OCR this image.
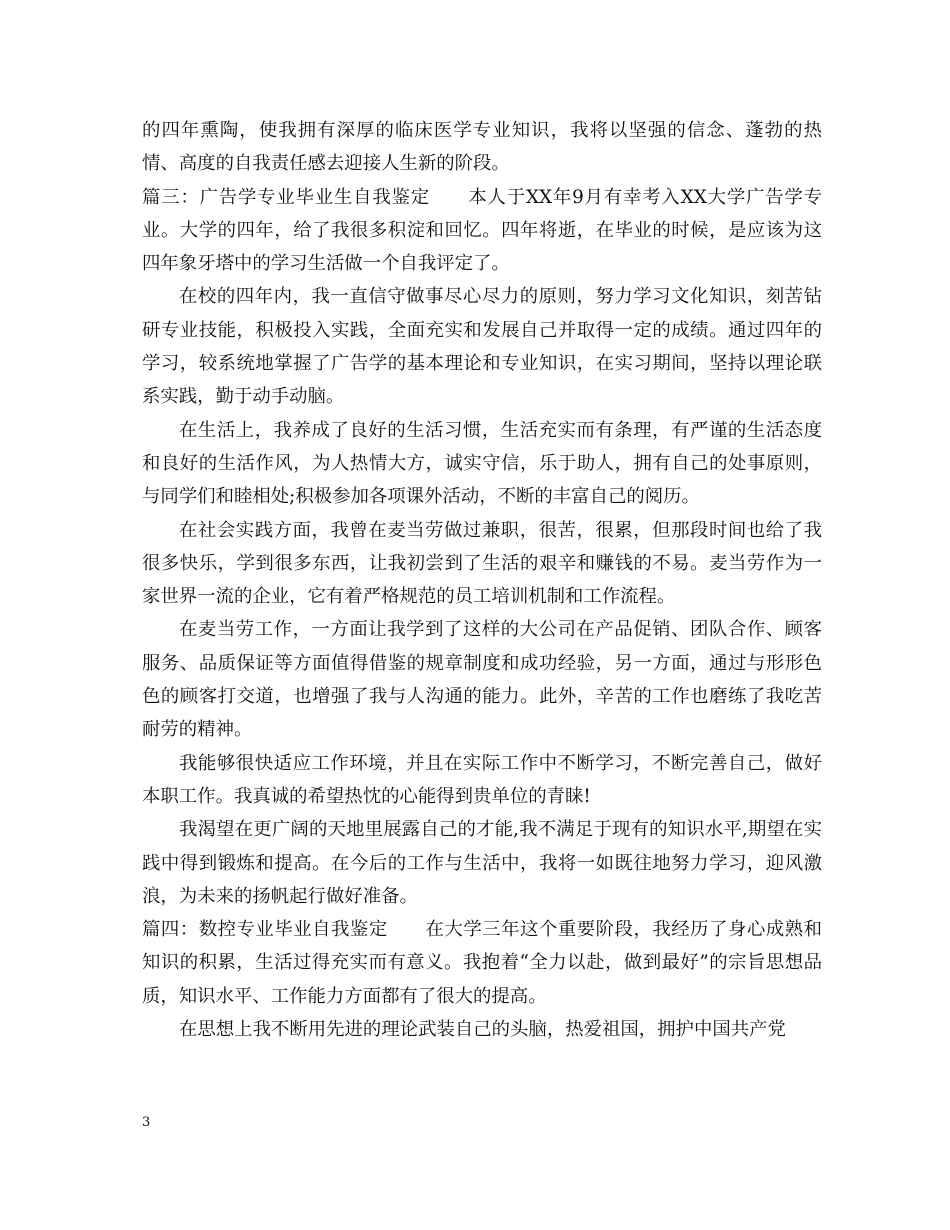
的四年熏陶，使我拥有深厚的临床医学专业知识，我将以坚强的信念、蓬勃的热情、高度的自我责任感去迎接人生新的阶段。

篇三：广告学专业毕业生自我鉴定　　本人于XX年9月有幸考入XX大学广告学专业。大学的四年，给了我很多积淀和回忆。四年将逝，在毕业的时候，是应该为这四年象牙塔中的学习生活做一个自我评定了。

在校的四年内，我一直信守做事尽心尽力的原则，努力学习文化知识，刻苦钻研专业技能，积极投入实践，全面充实和发展自己并取得一定的成绩。通过四年的学习，较系统地掌握了广告学的基本理论和专业知识，在实习期间，坚持以理论联系实践，勤于动手动脑。

在生活上，我养成了良好的生活习惯，生活充实而有条理，有严谨的生活态度和良好的生活作风，为人热情大方，诚实守信，乐于助人，拥有自己的处事原则，与同学们和睦相处;积极参加各项课外活动，不断的丰富自己的阅历。

在社会实践方面，我曾在麦当劳做过兼职，很苦，很累，但那段时间也给了我很多快乐，学到很多东西，让我初尝到了生活的艰辛和赚钱的不易。麦当劳作为一家世界一流的企业，它有着严格规范的员工培训机制和工作流程。

在麦当劳工作，一方面让我学到了这样的大公司在产品促销、团队合作、顾客服务、品质保证等方面值得借鉴的规章制度和成功经验，另一方面，通过与形形色色的顾客打交道，也增强了我与人沟通的能力。此外，辛苦的工作也磨练了我吃苦耐劳的精神。

我能够很快适应工作环境，并且在实际工作中不断学习，不断完善自己，做好本职工作。我真诚的希望热忱的心能得到贵单位的青睐!

我渴望在更广阔的天地里展露自己的才能,我不满足于现有的知识水平,期望在实践中得到锻炼和提高。在今后的工作与生活中，我将一如既往地努力学习，迎风激浪，为未来的扬帆起行做好准备。

篇四：数控专业毕业自我鉴定　　在大学三年这个重要阶段，我经历了身心成熟和知识的积累，生活过得充实而有意义。我抱着“全力以赴，做到最好”的宗旨思想品质，知识水平、工作能力方面都有了很大的提高。

在思想上我不断用先进的理论武装自己的头脑，热爱祖国，拥护中国共产党

3
